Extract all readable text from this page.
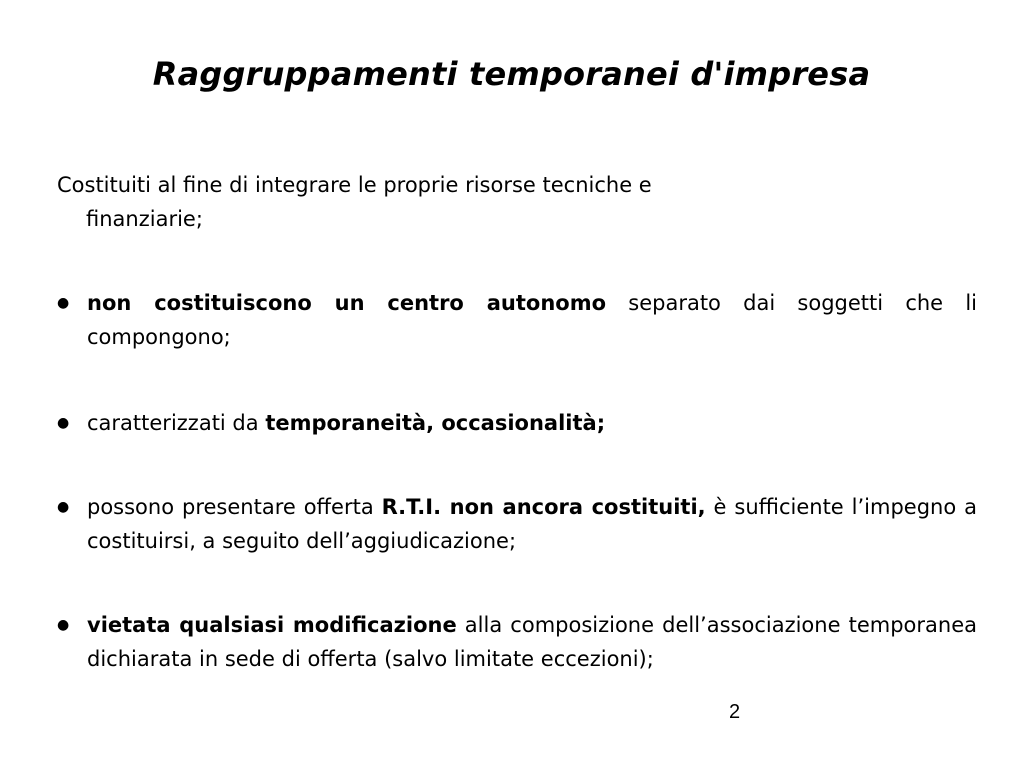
Raggruppamenti temporanei d'impresa

Costituiti al fine di integrare le proprie risorse tecniche e
finanziarie;

● non costituiscono un centro autonomo separato dai soggetti che li compongono;

● caratterizzati da temporaneità, occasionalità;

● possono presentare offerta R.T.I. non ancora costituiti, è sufficiente l’impegno a costituirsi, a seguito dell’aggiudicazione;

● vietata qualsiasi modificazione alla composizione dell’associazione temporanea dichiarata in sede di offerta (salvo limitate eccezioni);

2
